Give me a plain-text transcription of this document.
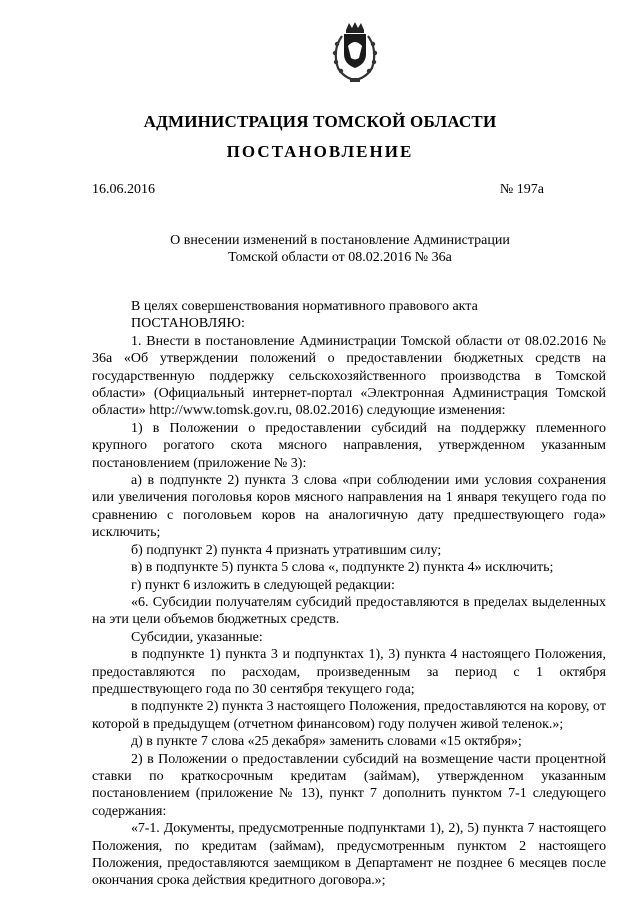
АДМИНИСТРАЦИЯ ТОМСКОЙ ОБЛАСТИ
ПОСТАНОВЛЕНИЕ
16.06.2016	№ 197а
О внесении изменений в постановление Администрации
Томской области от 08.02.2016 № 36а

В целях совершенствования нормативного правового акта

ПОСТАНОВЛЯЮ:

1. Внести в постановление Администрации Томской области от 08.02.2016 № 36а «Об утверждении положений о предоставлении бюджетных средств на государственную поддержку сельскохозяйственного производства в Томской области» (Официальный интернет-портал «Электронная Администрация Томской области» http://www.tomsk.gov.ru, 08.02.2016) следующие изменения:

1) в Положении о предоставлении субсидий на поддержку племенного крупного рогатого скота мясного направления, утвержденном указанным постановлением (приложение № 3):

а) в подпункте 2) пункта 3 слова «при соблюдении ими условия сохранения или увеличения поголовья коров мясного направления на 1 января текущего года по сравнению с поголовьем коров на аналогичную дату предшествующего года» исключить;

б) подпункт 2) пункта 4 признать утратившим силу;

в) в подпункте 5) пункта 5 слова «, подпункте 2) пункта 4» исключить;

г) пункт 6 изложить в следующей редакции:

«6. Субсидии получателям субсидий предоставляются в пределах выделенных на эти цели объемов бюджетных средств.

Субсидии, указанные:

в подпункте 1) пункта 3 и подпунктах 1), 3) пункта 4 настоящего Положения, предоставляются по расходам, произведенным за период с 1 октября предшествующего года по 30 сентября текущего года;

в подпункте 2) пункта 3 настоящего Положения, предоставляются на корову, от которой в предыдущем (отчетном финансовом) году получен живой теленок.»;

д) в пункте 7 слова «25 декабря» заменить словами «15 октября»;

2) в Положении о предоставлении субсидий на возмещение части процентной ставки по краткосрочным кредитам (займам), утвержденном указанным постановлением (приложение № 13), пункт 7 дополнить пунктом 7-1 следующего содержания:

«7-1. Документы, предусмотренные подпунктами 1), 2), 5) пункта 7 настоящего Положения, по кредитам (займам), предусмотренным пунктом 2 настоящего Положения, предоставляются заемщиком в Департамент не позднее 6 месяцев после окончания срока действия кредитного договора.»;
